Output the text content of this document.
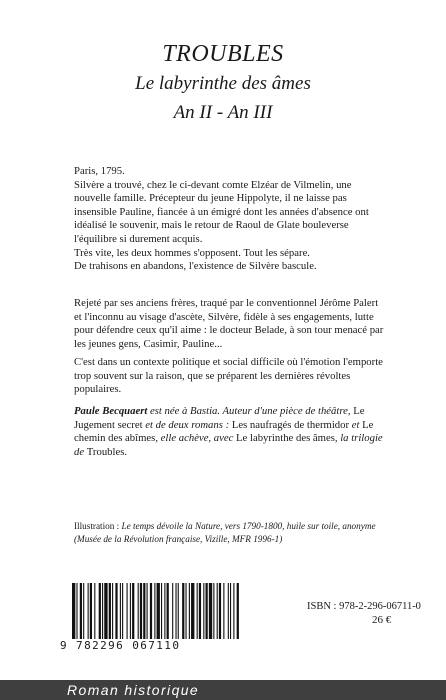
TROUBLES
Le labyrinthe des âmes
An II - An III
Paris, 1795.
Silvère a trouvé, chez le ci-devant comte Elzéar de Vilmelin, une nouvelle famille. Précepteur du jeune Hippolyte, il ne laisse pas insensible Pauline, fiancée à un émigré dont les années d'absence ont idéalisé le souvenir, mais le retour de Raoul de Glate bouleverse l'équilibre si durement acquis.
Très vite, les deux hommes s'opposent. Tout les sépare.
De trahisons en abandons, l'existence de Silvère bascule.
Rejeté par ses anciens frères, traqué par le conventionnel Jérôme Palert et l'inconnu au visage d'ascète, Silvère, fidèle à ses engagements, lutte pour défendre ceux qu'il aime : le docteur Belade, à son tour menacé par les jeunes gens, Casimir, Pauline...
C'est dans un contexte politique et social difficile où l'émotion l'emporte trop souvent sur la raison, que se préparent les dernières révoltes populaires.
Paule Becquaert est née à Bastia. Auteur d'une pièce de théâtre, Le Jugement secret et de deux romans : Les naufragés de thermidor et Le chemin des abîmes, elle achève, avec Le labyrinthe des âmes, la trilogie de Troubles.
Illustration : Le temps dévoile la Nature, vers 1790-1800, huile sur toile, anonyme
(Musée de la Révolution française, Vizille, MFR 1996-1)
9 782296 067110
ISBN : 978-2-296-06711-0
26 €
Roman historique
